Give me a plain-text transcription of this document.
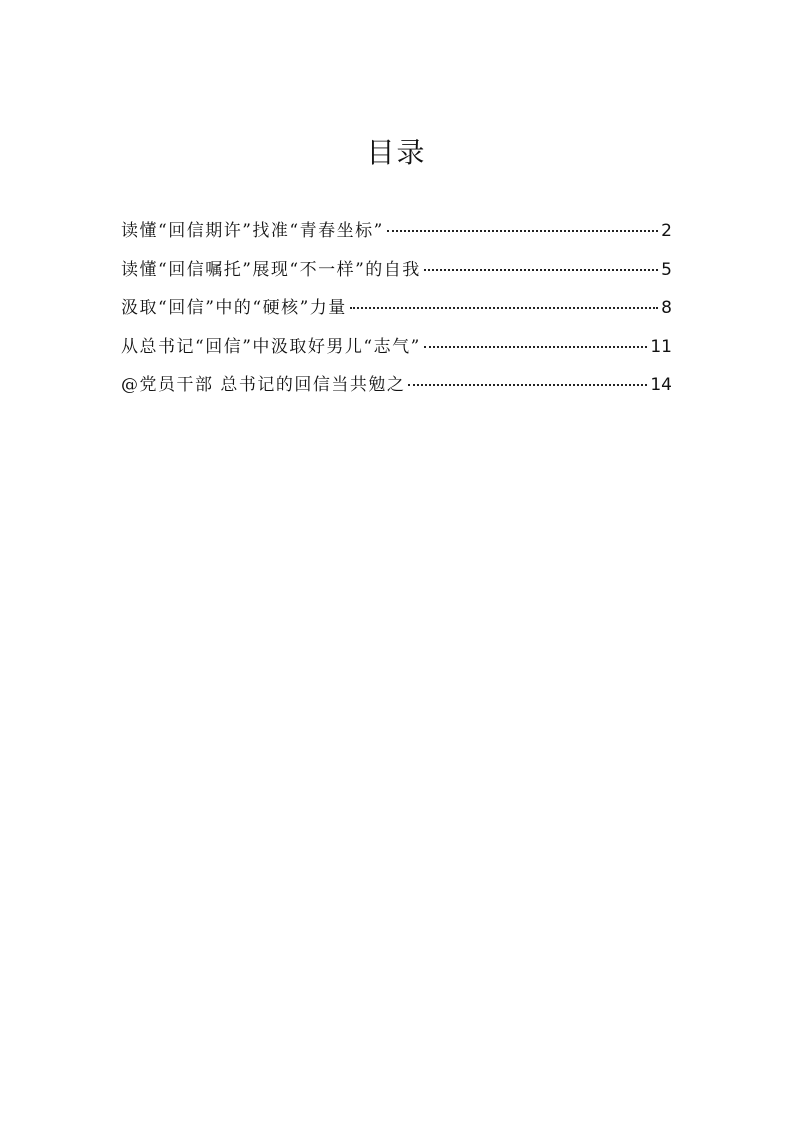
目录
读懂“回信期许”找准“青春坐标”	2
读懂“回信嘱托”展现“不一样”的自我	5
汲取“回信”中的“硬核”力量	8
从总书记“回信”中汲取好男儿“志气”	11
@党员干部 总书记的回信当共勉之	14
